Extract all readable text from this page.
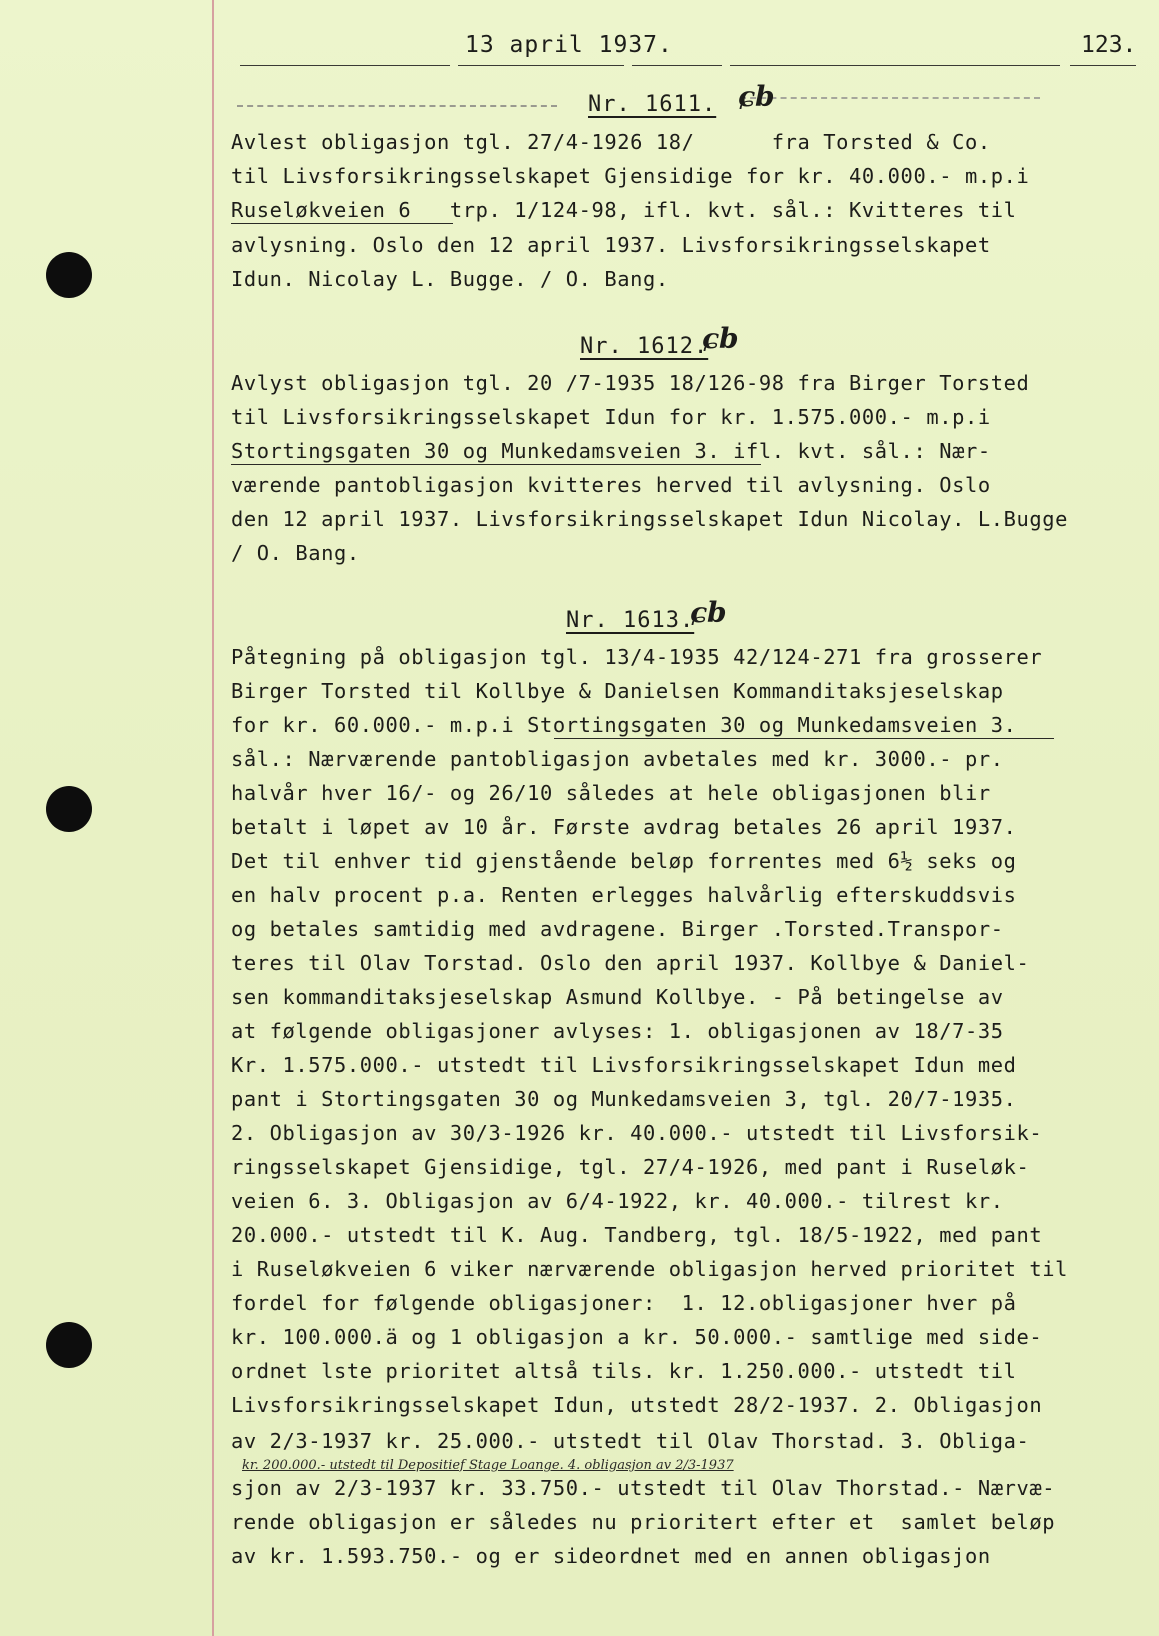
13 april 1937.	123.
Nr. 1611. ɕb
Avlest obligasjon tgl. 27/4-1926 18/      fra Torsted & Co.
til Livsforsikringsselskapet Gjensidige for kr. 40.000.- m.p.i
Ruseløkveien 6   trp. 1/124-98, ifl. kvt. sål.: Kvitteres til
avlysning. Oslo den 12 april 1937. Livsforsikringsselskapet
Idun. Nicolay L. Bugge. / O. Bang.
Nr. 1612.
ɕb
Avlyst obligasjon tgl. 20 /7-1935 18/126-98 fra Birger Torsted
til Livsforsikringsselskapet Idun for kr. 1.575.000.- m.p.i
Stortingsgaten 30 og Munkedamsveien 3. ifl. kvt. sål.: Nær-
værende pantobligasjon kvitteres herved til avlysning. Oslo
den 12 april 1937. Livsforsikringsselskapet Idun Nicolay. L.Bugge
/ O. Bang.
Nr. 1613.
ɕb
Påtegning på obligasjon tgl. 13/4-1935 42/124-271 fra grosserer
Birger Torsted til Kollbye & Danielsen Kommanditaksjeselskap
for kr. 60.000.- m.p.i Stortingsgaten 30 og Munkedamsveien 3.
sål.: Nærværende pantobligasjon avbetales med kr. 3000.- pr.
halvår hver 16/- og 26/10 således at hele obligasjonen blir
betalt i løpet av 10 år. Første avdrag betales 26 april 1937.
Det til enhver tid gjenstående beløp forrentes med 6½ seks og
en halv procent p.a. Renten erlegges halvårlig efterskuddsvis
og betales samtidig med avdragene. Birger .Torsted.Transpor-
teres til Olav Torstad. Oslo den april 1937. Kollbye & Daniel-
sen kommanditaksjeselskap Asmund Kollbye. - På betingelse av
at følgende obligasjoner avlyses: 1. obligasjonen av 18/7-35
Kr. 1.575.000.- utstedt til Livsforsikringsselskapet Idun med
pant i Stortingsgaten 30 og Munkedamsveien 3, tgl. 20/7-1935.
2. Obligasjon av 30/3-1926 kr. 40.000.- utstedt til Livsforsik-
ringsselskapet Gjensidige, tgl. 27/4-1926, med pant i Ruseløk-
veien 6. 3. Obligasjon av 6/4-1922, kr. 40.000.- tilrest kr.
20.000.- utstedt til K. Aug. Tandberg, tgl. 18/5-1922, med pant
i Ruseløkveien 6 viker nærværende obligasjon herved prioritet til
fordel for følgende obligasjoner:  1. 12.obligasjoner hver på
kr. 100.000.ä og 1 obligasjon a kr. 50.000.- samtlige med side-
ordnet lste prioritet altså tils. kr. 1.250.000.- utstedt til
Livsforsikringsselskapet Idun, utstedt 28/2-1937. 2. Obligasjon
av 2/3-1937 kr. 25.000.- utstedt til Olav Thorstad. 3. Obliga-
sjon av 2/3-1937 kr. 33.750.- utstedt til Olav Thorstad.- Nærvæ-
rende obligasjon er således nu prioritert efter et  samlet beløp
av kr. 1.593.750.- og er sideordnet med en annen obligasjon
kr. 200.000.- utstedt til Depositief Stage Loange. 4. obligasjon av 2/3-1937
